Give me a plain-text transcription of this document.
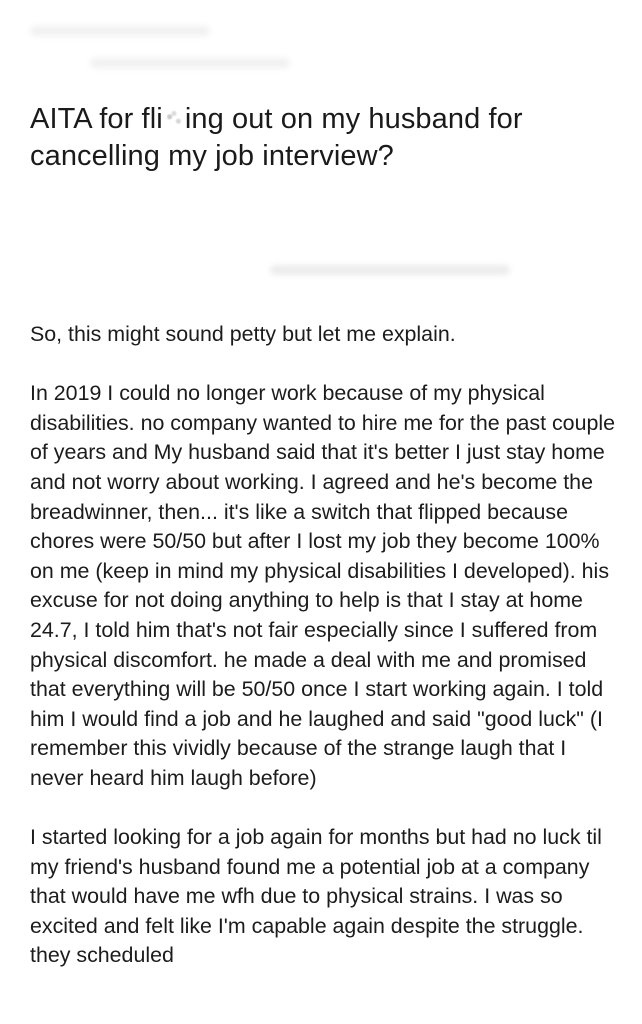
AITA for fli ing out on my husband for cancelling my job interview?

So, this might sound petty but let me explain.

In 2019 I could no longer work because of my physical disabilities. no company wanted to hire me for the past couple of years and My husband said that it's better I just stay home and not worry about working. I agreed and he's become the breadwinner, then... it's like a switch that flipped because chores were 50/50 but after I lost my job they become 100% on me (keep in mind my physical disabilities I developed). his excuse for not doing anything to help is that I stay at home 24.7, I told him that's not fair especially since I suffered from physical discomfort. he made a deal with me and promised that everything will be 50/50 once I start working again. I told him I would find a job and he laughed and said "good luck" (I remember this vividly because of the strange laugh that I never heard him laugh before)

I started looking for a job again for months but had no luck til my friend's husband found me a potential job at a company that would have me wfh due to physical strains. I was so excited and felt like I'm capable again despite the struggle. they scheduled
